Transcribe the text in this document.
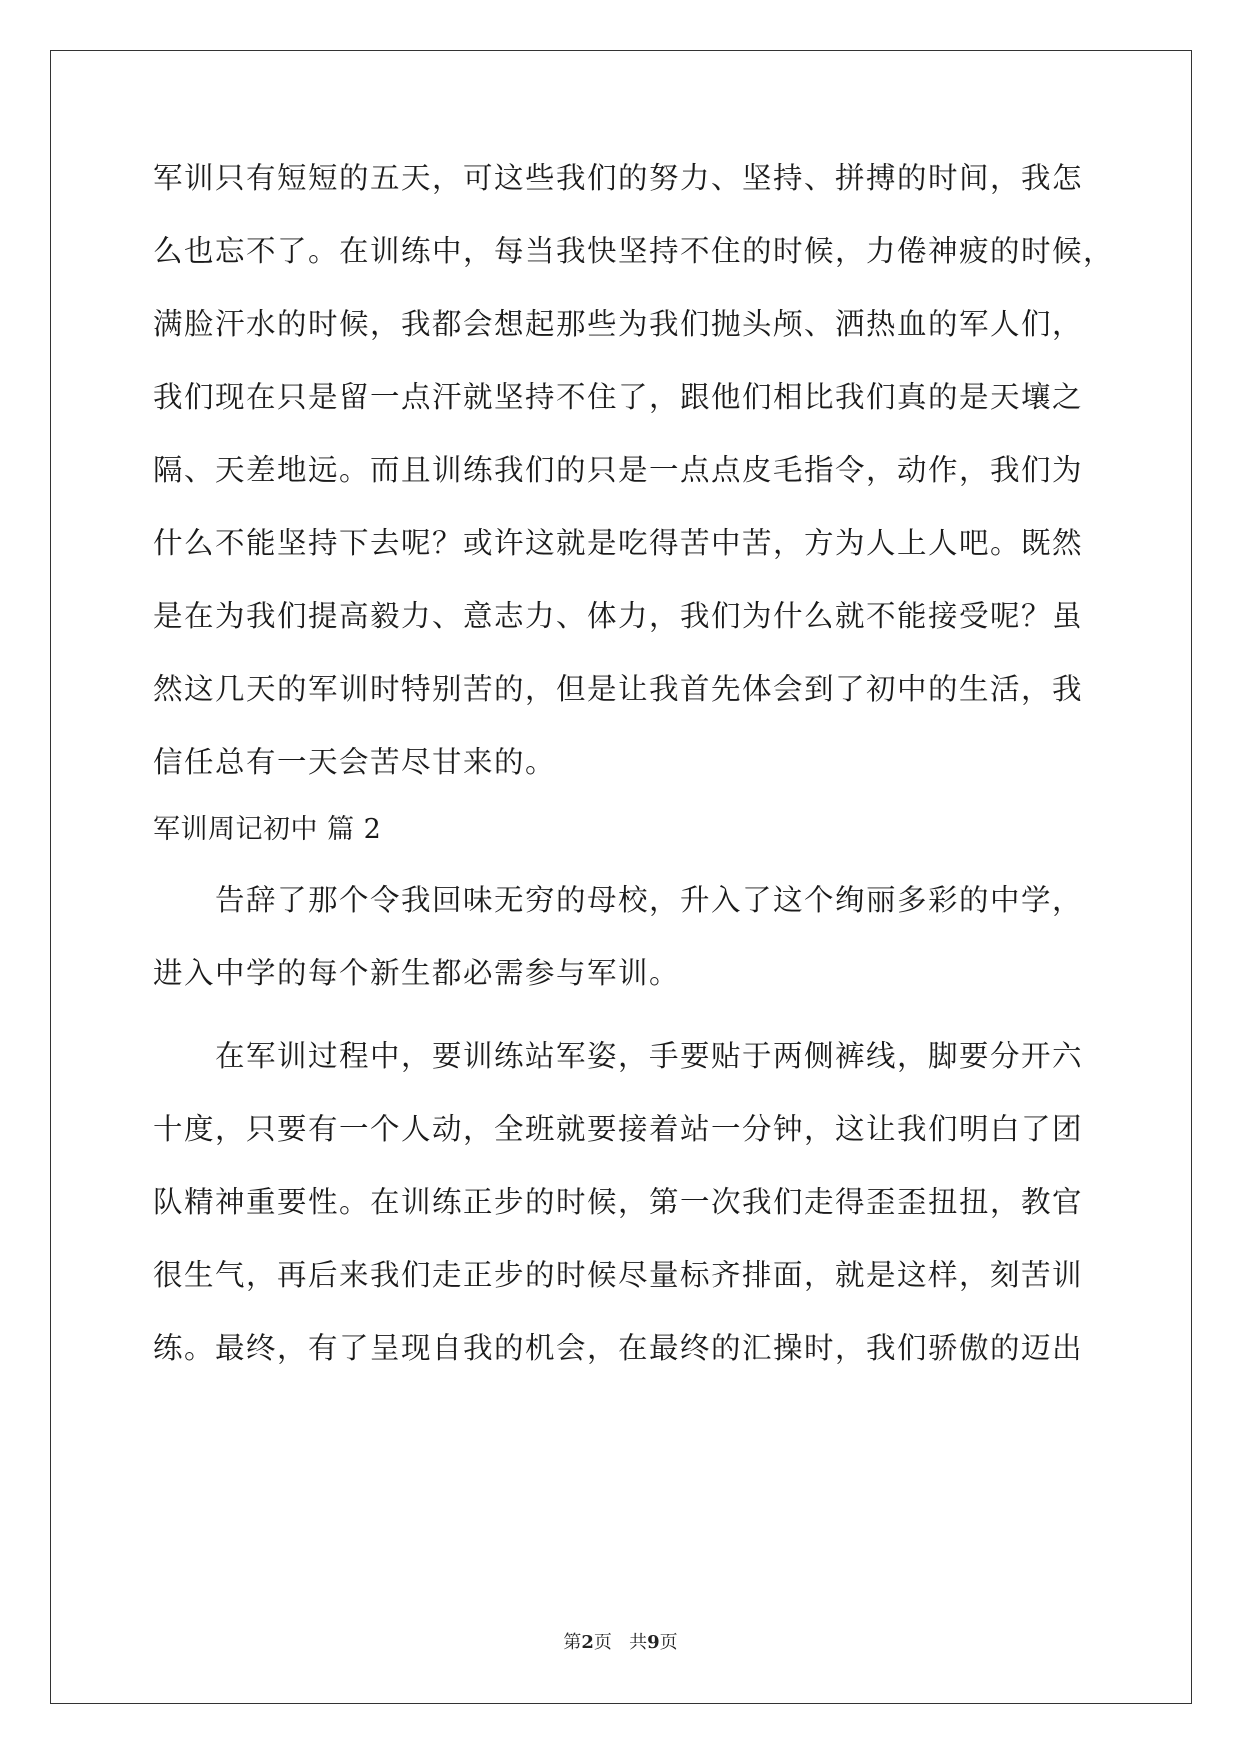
军训只有短短的五天，可这些我们的努力、坚持、拼搏的时间，我怎
么也忘不了。在训练中，每当我快坚持不住的时候，力倦神疲的时候，
满脸汗水的时候，我都会想起那些为我们抛头颅、洒热血的军人们，
我们现在只是留一点汗就坚持不住了，跟他们相比我们真的是天壤之
隔、天差地远。而且训练我们的只是一点点皮毛指令，动作，我们为
什么不能坚持下去呢？或许这就是吃得苦中苦，方为人上人吧。既然
是在为我们提高毅力、意志力、体力，我们为什么就不能接受呢？虽
然这几天的军训时特别苦的，但是让我首先体会到了初中的生活，我
信任总有一天会苦尽甘来的。
军训周记初中 篇 2
告辞了那个令我回味无穷的母校，升入了这个绚丽多彩的中学，
进入中学的每个新生都必需参与军训。
在军训过程中，要训练站军姿，手要贴于两侧裤线，脚要分开六
十度，只要有一个人动，全班就要接着站一分钟，这让我们明白了团
队精神重要性。在训练正步的时候，第一次我们走得歪歪扭扭，教官
很生气，再后来我们走正步的时候尽量标齐排面，就是这样，刻苦训
练。最终，有了呈现自我的机会，在最终的汇操时，我们骄傲的迈出
第2页   共9页
